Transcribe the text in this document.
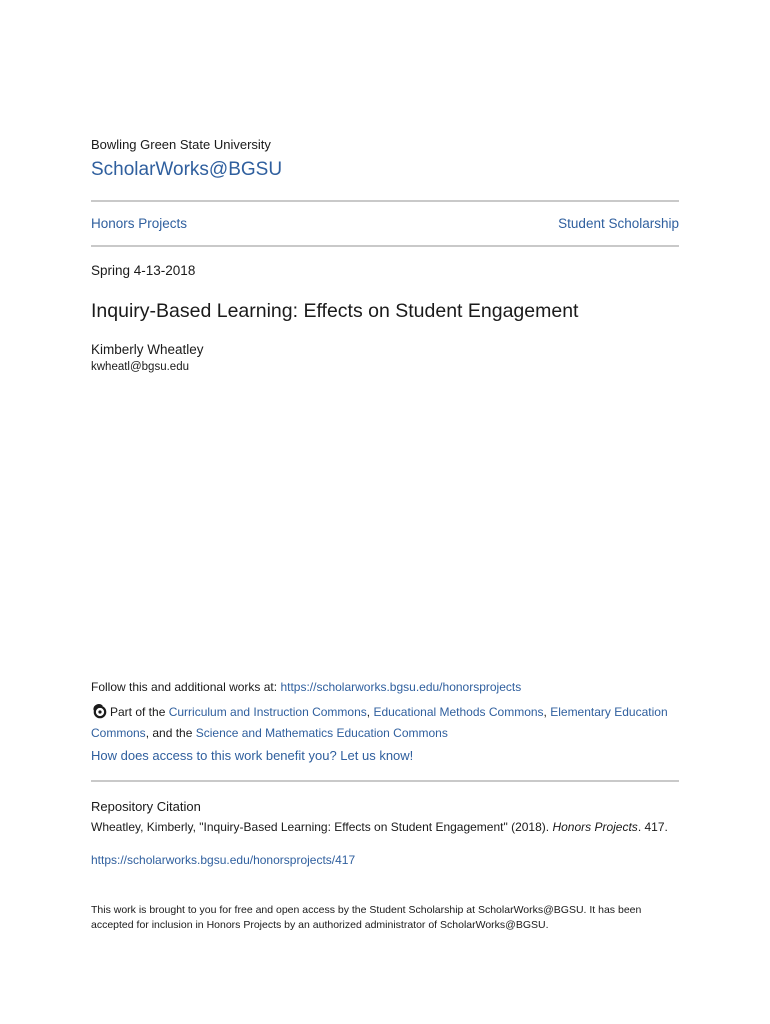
Bowling Green State University
ScholarWorks@BGSU
Honors Projects	Student Scholarship
Spring 4-13-2018
Inquiry-Based Learning: Effects on Student Engagement
Kimberly Wheatley
kwheatl@bgsu.edu
Follow this and additional works at: https://scholarworks.bgsu.edu/honorsprojects
Part of the Curriculum and Instruction Commons, Educational Methods Commons, Elementary Education Commons, and the Science and Mathematics Education Commons
How does access to this work benefit you? Let us know!
Repository Citation
Wheatley, Kimberly, "Inquiry-Based Learning: Effects on Student Engagement" (2018). Honors Projects. 417.
https://scholarworks.bgsu.edu/honorsprojects/417
This work is brought to you for free and open access by the Student Scholarship at ScholarWorks@BGSU. It has been accepted for inclusion in Honors Projects by an authorized administrator of ScholarWorks@BGSU.
